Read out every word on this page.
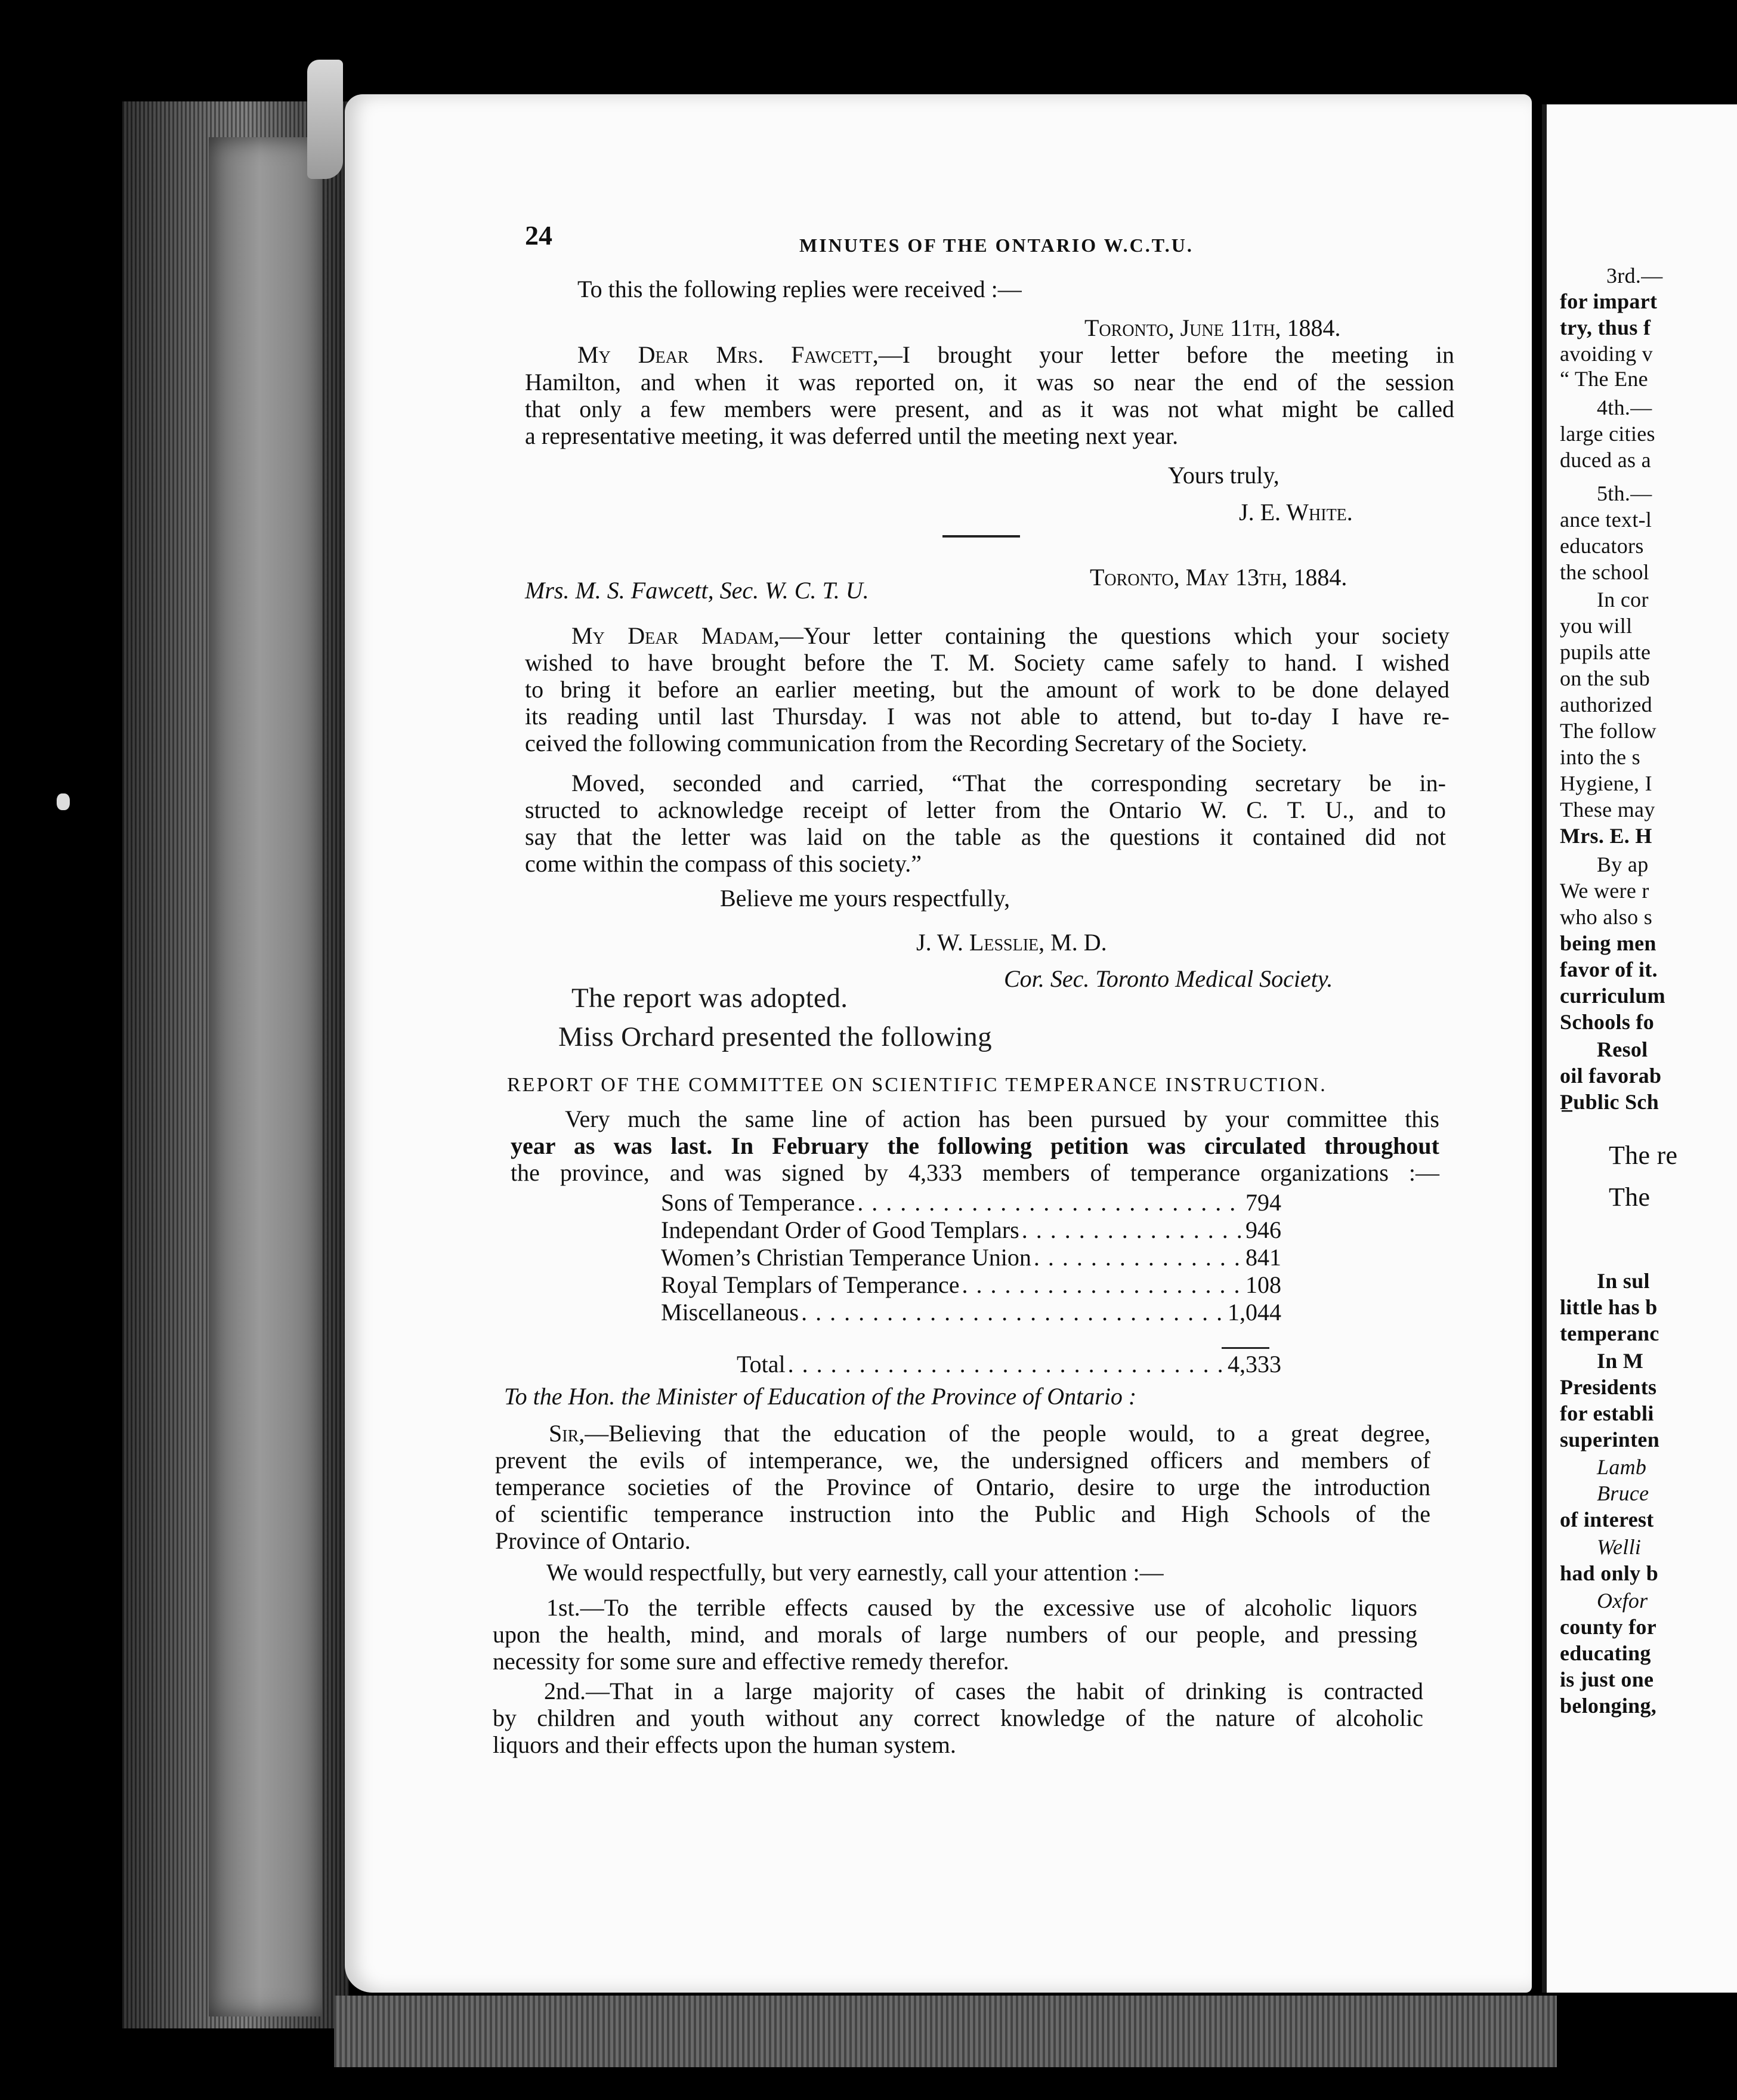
24	MINUTES OF THE ONTARIO W.C.T.U.
To this the following replies were received :—
Toronto, June 11th, 1884.
My Dear Mrs. Fawcett,—I brought your letter before the meeting in
Hamilton, and when it was reported on, it was so near the end of the session
that only a few members were present, and as it was not what might be called
a representative meeting, it was deferred until the meeting next year.
Yours truly,
J. E. White.
Toronto, May 13th, 1884.
Mrs. M. S. Fawcett, Sec. W. C. T. U.
My Dear Madam,—Your letter containing the questions which your society
wished to have brought before the T. M. Society came safely to hand. I wished
to bring it before an earlier meeting, but the amount of work to be done delayed
its reading until last Thursday. I was not able to attend, but to-day I have re-
ceived the following communication from the Recording Secretary of the Society.
Moved, seconded and carried, “That the corresponding secretary be in-
structed to acknowledge receipt of letter from the Ontario W. C. T. U., and to
say that the letter was laid on the table as the questions it contained did not
come within the compass of this society.”
Believe me yours respectfully,
J. W. Lesslie, M. D.
Cor. Sec. Toronto Medical Society.
The report was adopted.
Miss Orchard presented the following
REPORT OF THE COMMITTEE ON SCIENTIFIC TEMPERANCE INSTRUCTION.
Very much the same line of action has been pursued by your committee this
year as was last. In February the following petition was circulated throughout
the province, and was signed by 4,333 members of temperance organizations :—
Sons of Temperance . . .	794
Independant Order of Good Templars . . .	946
Women’s Christian Temperance Union . . .	841
Royal Templars of Temperance . . .	108
Miscellaneous . . .	1,044
Total . . .	4,333
To the Hon. the Minister of Education of the Province of Ontario :
Sir,—Believing that the education of the people would, to a great degree,
prevent the evils of intemperance, we, the undersigned officers and members of
temperance societies of the Province of Ontario, desire to urge the introduction
of scientific temperance instruction into the Public and High Schools of the
Province of Ontario.
We would respectfully, but very earnestly, call your attention :—
1st.—To the terrible effects caused by the excessive use of alcoholic liquors
upon the health, mind, and morals of large numbers of our people, and pressing
necessity for some sure and effective remedy therefor.
2nd.—That in a large majority of cases the habit of drinking is contracted
by children and youth without any correct knowledge of the nature of alcoholic
liquors and their effects upon the human system.
3rd.—
for impart
try, thus f
avoiding v
“ The Ene
4th.—
large cities
duced as a
5th.—
ance text-l
educators
the school
In cor
you will
pupils atte
on the sub
authorized
The follow
into the s
Hygiene, I
These may
Mrs. E. H
By ap
We were r
who also s
being men
favor of it.
curriculum
Schools fo
Resol
oil favorab
P̲ublic Sch
The re
The
In sul
little has b
temperanc
In M
Presidents
for establi
superinten
Lamb
Bruce
of interest
Welli
had only b
Oxfor
county for
educating
is just one
belonging,
